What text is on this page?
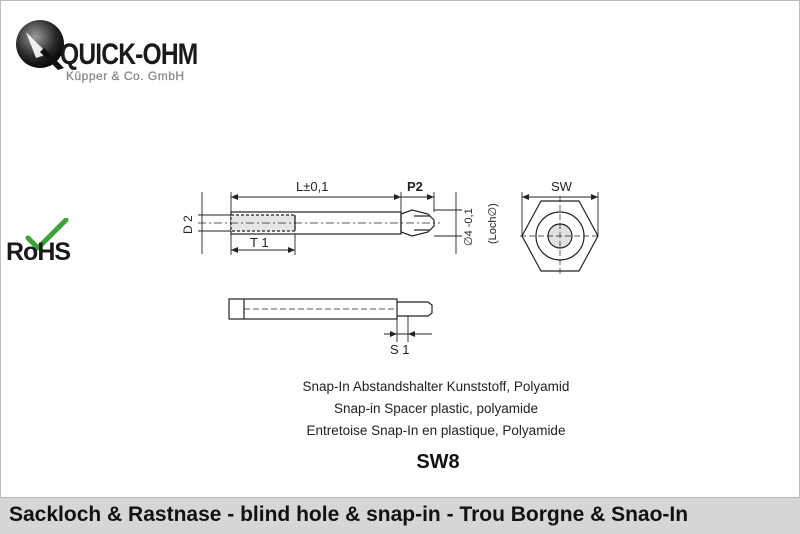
QUICK-OHM
Küpper & Co. GmbH
RoHS
L±0,1	P2	SW
T 1
S 1
D 2	∅4 -0,1 (Loch∅)
Snap-In Abstandshalter Kunststoff, Polyamid
Snap-in Spacer plastic, polyamide
Entretoise Snap-In en plastique, Polyamide
SW8
Sackloch & Rastnase - blind hole & snap-in - Trou Borgne & Snao-In
